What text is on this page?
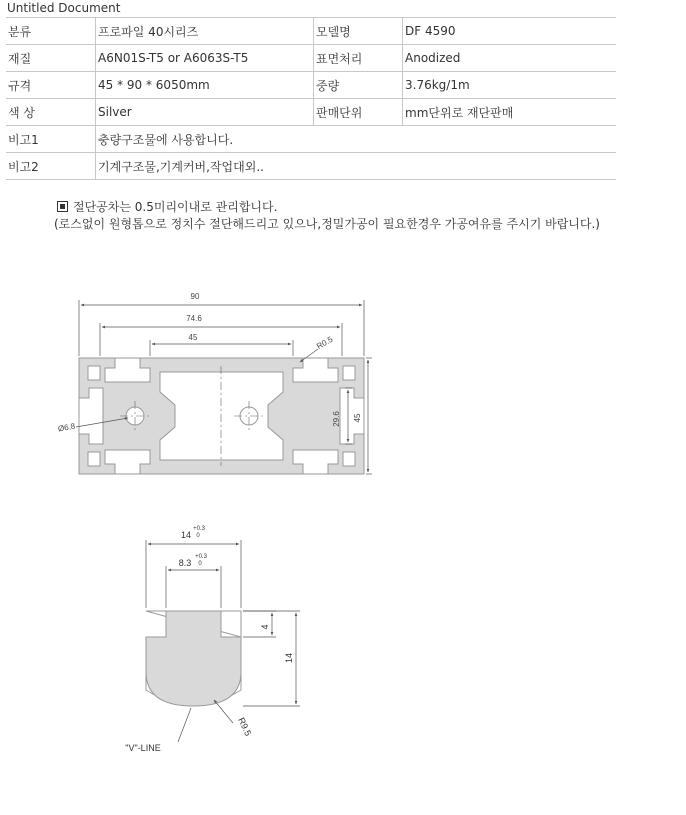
Untitled Document
분류	프로파일 40시리즈	모델명	DF 4590
재질	A6N01S-T5 or A6063S-T5	표면처리	Anodized
규격	45 * 90 * 6050mm	중량	3.76kg/1m
색 상	Silver	판매단위	mm단위로 재단판매
비고1	충량구조물에 사용합니다.		
비고2	기계구조물,기계커버,작업대외..		
절단공차는 0.5미리이내로 관리합니다.
(로스없이 원형톱으로 정치수 절단해드리고 있으나,정밀가공이 필요한경우 가공여유를 주시기 바랍니다.)
90
74.6
45	R0.5
Ø6.8
29.6 45
14
+0.3
0
8.3
+0.3
0
4
14
R9.5
"V"-LINE
